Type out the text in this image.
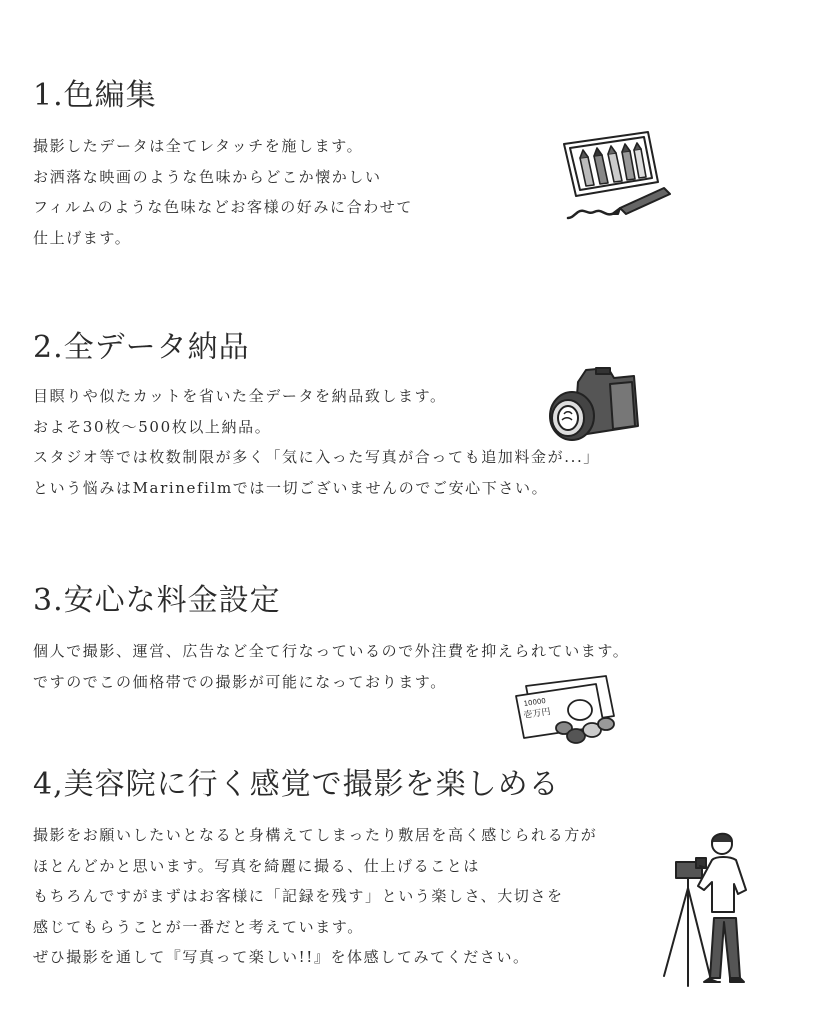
1.色編集
撮影したデータは全てレタッチを施します。
お洒落な映画のような色味からどこか懐かしい
フィルムのような色味などお客様の好みに合わせて
仕上げます。
2.全データ納品
目瞑りや似たカットを省いた全データを納品致します。
およそ30枚〜500枚以上納品。
スタジオ等では枚数制限が多く「気に入った写真が合っても追加料金が...」
という悩みはMarinefilmでは一切ございませんのでご安心下さい。
3.安心な料金設定
個人で撮影、運営、広告など全て行なっているので外注費を抑えられています。
ですのでこの価格帯での撮影が可能になっております。
10000
壱万円
4,美容院に行く感覚で撮影を楽しめる
撮影をお願いしたいとなると身構えてしまったり敷居を高く感じられる方が
ほとんどかと思います。写真を綺麗に撮る、仕上げることは
もちろんですがまずはお客様に「記録を残す」という楽しさ、大切さを
感じてもらうことが一番だと考えています。
ぜひ撮影を通して『写真って楽しい!!』を体感してみてください。
